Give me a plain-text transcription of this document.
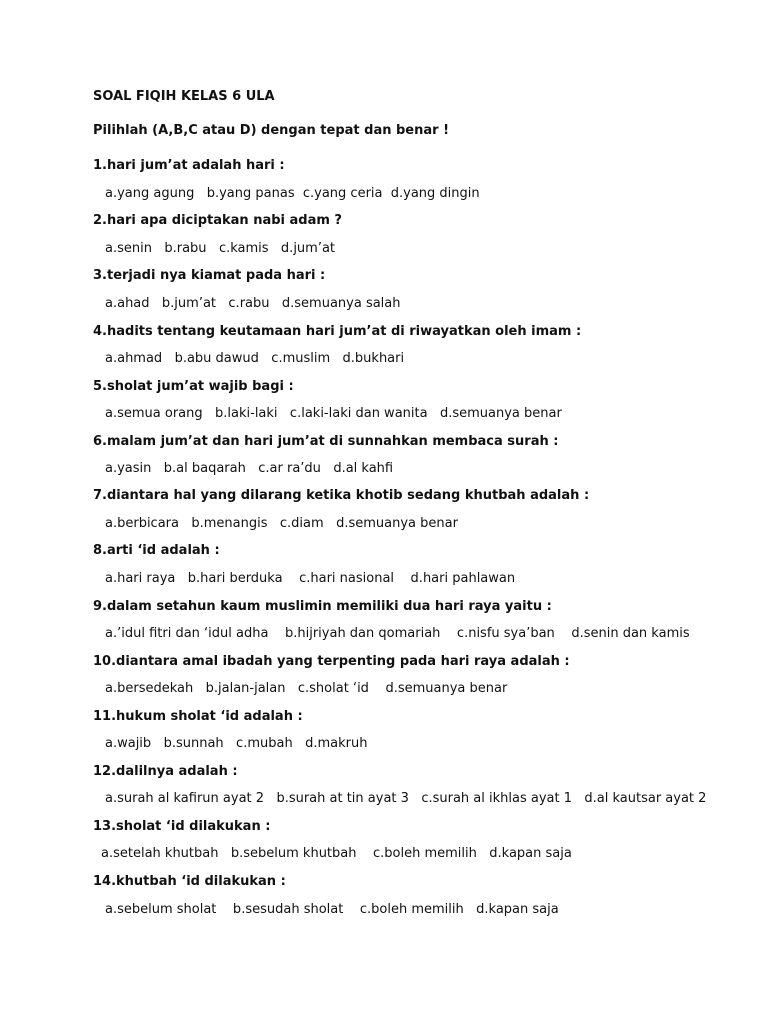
SOAL FIQIH KELAS 6 ULA

Pilihlah (A,B,C atau D) dengan tepat dan benar !

1.hari jum’at adalah hari :

a.yang agung   b.yang panas  c.yang ceria  d.yang dingin

2.hari apa diciptakan nabi adam ?

a.senin   b.rabu   c.kamis   d.jum’at

3.terjadi nya kiamat pada hari :

a.ahad   b.jum’at   c.rabu   d.semuanya salah

4.hadits tentang keutamaan hari jum’at di riwayatkan oleh imam :

a.ahmad   b.abu dawud   c.muslim   d.bukhari

5.sholat jum’at wajib bagi :

a.semua orang   b.laki-laki   c.laki-laki dan wanita   d.semuanya benar

6.malam jum’at dan hari jum’at di sunnahkan membaca surah :

a.yasin   b.al baqarah   c.ar ra’du   d.al kahfi

7.diantara hal yang dilarang ketika khotib sedang khutbah adalah :

a.berbicara   b.menangis   c.diam   d.semuanya benar

8.arti ‘id adalah :

a.hari raya   b.hari berduka    c.hari nasional    d.hari pahlawan

9.dalam setahun kaum muslimin memiliki dua hari raya yaitu :

a.’idul fitri dan ‘idul adha    b.hijriyah dan qomariah    c.nisfu sya’ban    d.senin dan kamis

10.diantara amal ibadah yang terpenting pada hari raya adalah :

a.bersedekah   b.jalan-jalan   c.sholat ‘id    d.semuanya benar

11.hukum sholat ‘id adalah :

a.wajib   b.sunnah   c.mubah   d.makruh

12.dalilnya adalah :

a.surah al kafirun ayat 2   b.surah at tin ayat 3   c.surah al ikhlas ayat 1   d.al kautsar ayat 2

13.sholat ‘id dilakukan :

a.setelah khutbah   b.sebelum khutbah    c.boleh memilih   d.kapan saja

14.khutbah ‘id dilakukan :

a.sebelum sholat    b.sesudah sholat    c.boleh memilih   d.kapan saja
